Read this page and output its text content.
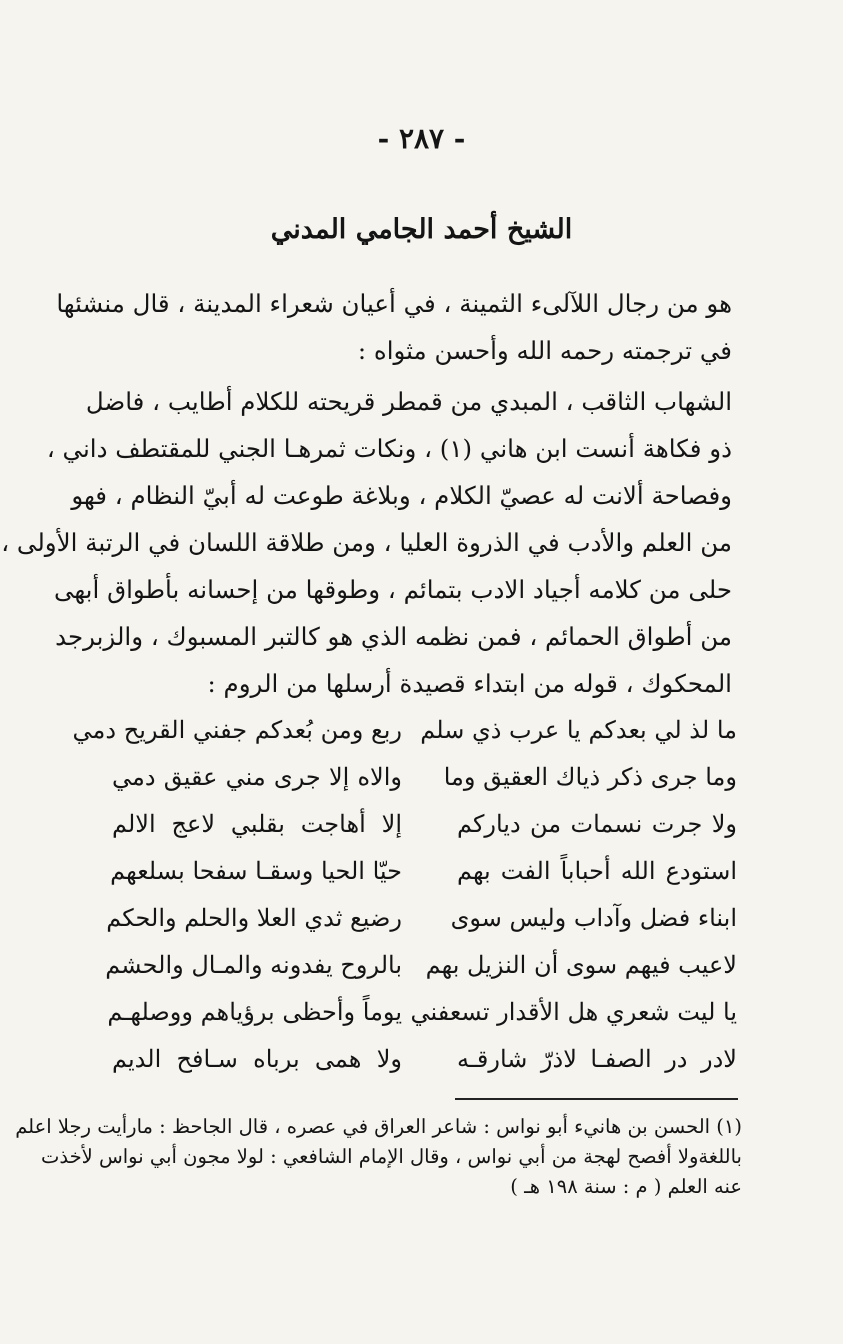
- ٢٨٧ -
الشيخ أحمد الجامي المدني
هو من رجال اللآلىء الثمينة ، في أعيان شعراء المدينة ، قال منشئها
في ترجمته رحمه الله وأحسن مثواه :
الشهاب الثاقب ، المبدي من قمطر قريحته للكلام أطايب ، فاضل
ذو فكاهة أنست ابن هاني (١) ، ونكات ثمرهـا الجني للمقتطف داني ،
وفصاحة ألانت له عصيّ الكلام ، وبلاغة طوعت له أبيّ النظام ، فهو
من العلم والأدب في الذروة العليا ، ومن طلاقة اللسان في الرتبة الأولى ،
حلى من كلامه أجياد الادب بتمائم ، وطوقها من إحسانه بأطواق أبهى
من أطواق الحمائم ، فمن نظمه الذي هو كالتبر المسبوك ، والزبرجد
المحكوك ، قوله من ابتداء قصيدة أرسلها من الروم :
ما لذ لي بعدكم يا عرب ذي سلم
ربع ومن بُعدكم جفني القريح دمي
وما جرى ذكر ذياك العقيق وما
والاه إلا جرى مني عقيق دمي
ولا جرت نسمات من دياركم
إلا أهاجت بقلبي لاعج الالم
استودع الله أحباباً الفت بهم
حيّا الحيا وسقـا سفحا بسلعهم
ابناء فضل وآداب وليس سوى
رضيع ثدي العلا والحلم والحكم
لاعيب فيهم سوى أن النزيل بهم
بالروح يفدونه والمـال والحشم
يا ليت شعري هل الأقدار تسعفني
يوماً وأحظى برؤياهم ووصلهـم
لادر در الصفـا لاذرّ شارقـه
ولا همى برباه سـافح الديم
(١) الحسن بن هانيء أبو نواس : شاعر العراق في عصره ، قال الجاحظ : مارأيت رجلا اعلم
باللغةولا أفصح لهجة من أبي نواس ، وقال الإمام الشافعي : لولا مجون أبي نواس لأخذت
عنه العلم ( م : سنة ١٩٨ هـ )
